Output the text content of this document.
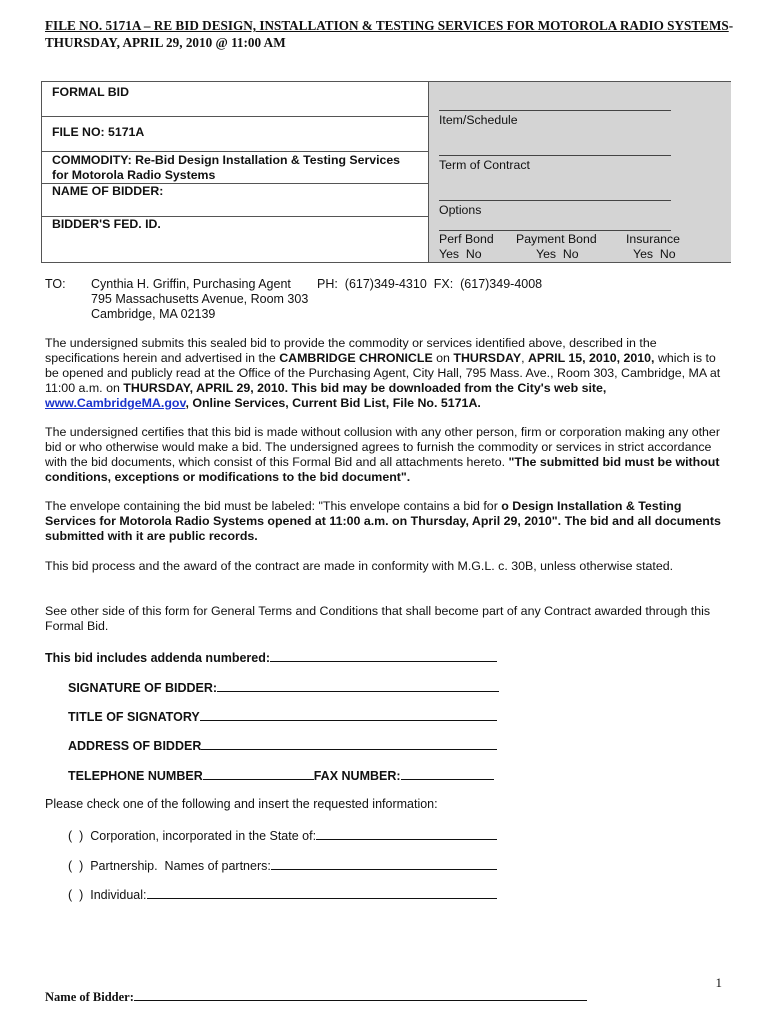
FILE NO. 5171A – RE BID DESIGN, INSTALLATION & TESTING SERVICES FOR MOTOROLA RADIO SYSTEMS-
THURSDAY, APRIL 29, 2010 @ 11:00 AM
FORMAL BID
FILE NO: 5171A
COMMODITY: Re-Bid Design Installation & Testing Services
for Motorola Radio Systems
NAME OF BIDDER:
BIDDER'S FED. ID.
Item/Schedule
Term of Contract
Options
Perf Bond Payment Bond Insurance
Yes  No	Yes  No	Yes  No
TO: Cynthia H. Griffin, Purchasing Agent
795 Massachusetts Avenue, Room 303
Cambridge, MA 02139
PH:  (617)349-4310  FX:  (617)349-4008
The undersigned submits this sealed bid to provide the commodity or services identified above, described in the specifications herein and advertised in the CAMBRIDGE CHRONICLE on THURSDAY, APRIL 15, 2010, 2010, which is to be opened and publicly read at the Office of the Purchasing Agent, City Hall, 795 Mass. Ave., Room 303, Cambridge, MA at 11:00 a.m. on THURSDAY, APRIL 29, 2010. This bid may be downloaded from the City's web site, www.CambridgeMA.gov, Online Services, Current Bid List, File No. 5171A.
The undersigned certifies that this bid is made without collusion with any other person, firm or corporation making any other bid or who otherwise would make a bid. The undersigned agrees to furnish the commodity or services in strict accordance with the bid documents, which consist of this Formal Bid and all attachments hereto. "The submitted bid must be without conditions, exceptions or modifications to the bid document".
The envelope containing the bid must be labeled: "This envelope contains a bid for o Design Installation & Testing Services for Motorola Radio Systems opened at 11:00 a.m. on Thursday, April 29, 2010". The bid and all documents submitted with it are public records.
This bid process and the award of the contract are made in conformity with M.G.L. c. 30B, unless otherwise stated.
See other side of this form for General Terms and Conditions that shall become part of any Contract awarded through this Formal Bid.
This bid includes addenda numbered:
SIGNATURE OF BIDDER:
TITLE OF SIGNATORY
ADDRESS OF BIDDER
TELEPHONE NUMBER	FAX NUMBER:
Please check one of the following and insert the requested information:
(  )  Corporation, incorporated in the State of:
(  )  Partnership.  Names of partners:
(  )  Individual:
1
Name of Bidder:
